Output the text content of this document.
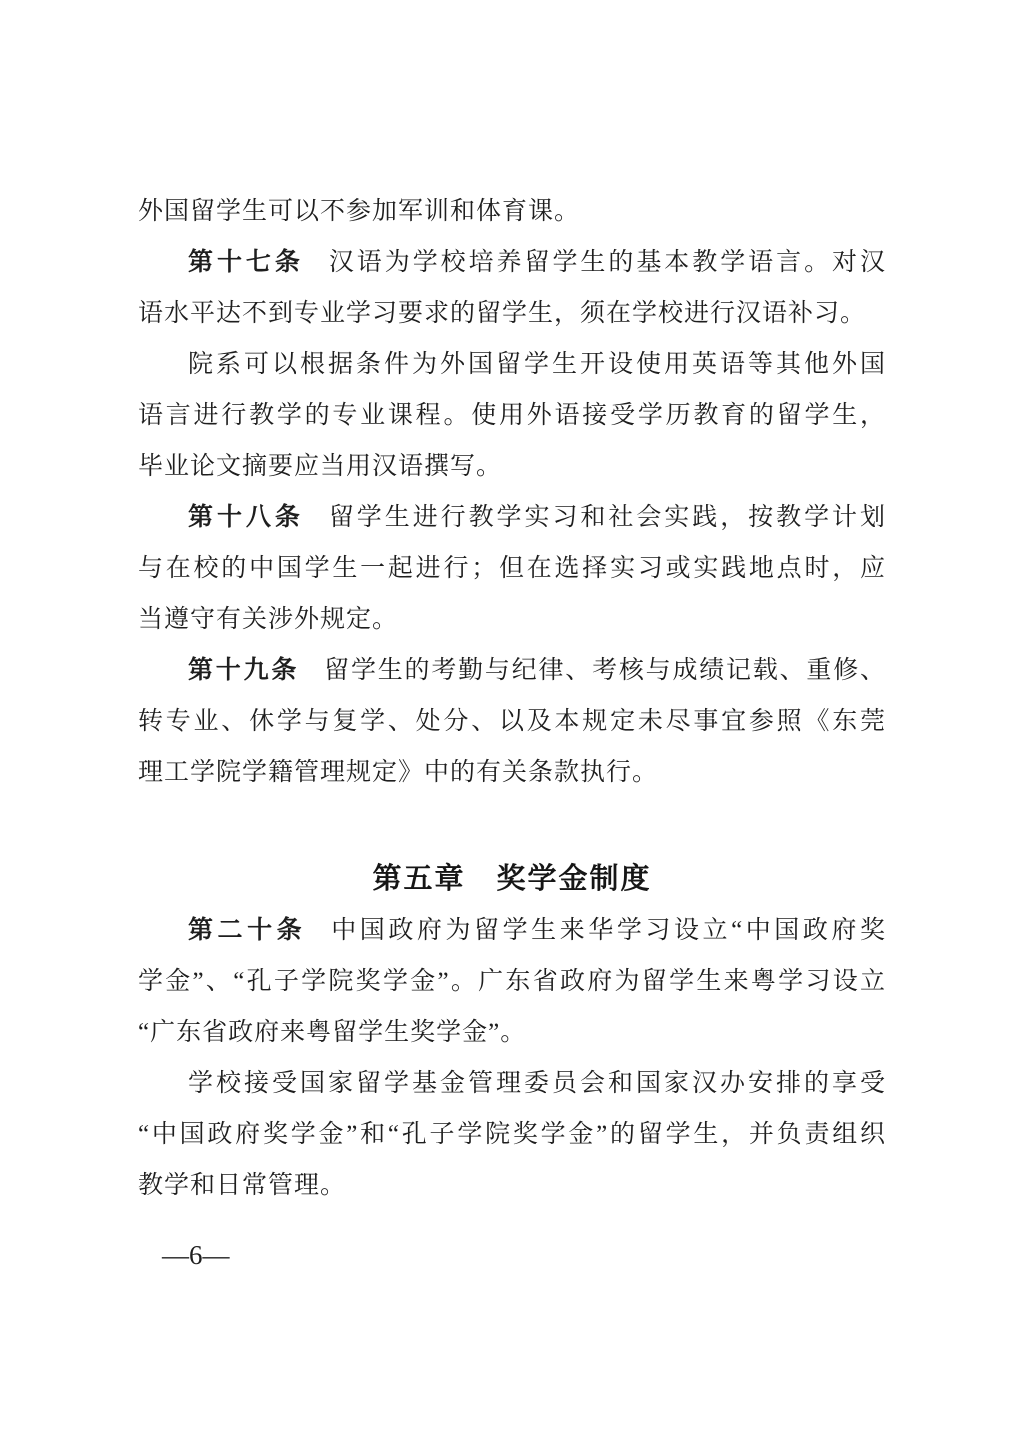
外国留学生可以不参加军训和体育课。
第十七条 汉语为学校培养留学生的基本教学语言。对汉
语水平达不到专业学习要求的留学生，须在学校进行汉语补习。
院系可以根据条件为外国留学生开设使用英语等其他外国
语言进行教学的专业课程。使用外语接受学历教育的留学生，
毕业论文摘要应当用汉语撰写。
第十八条 留学生进行教学实习和社会实践，按教学计划
与在校的中国学生一起进行；但在选择实习或实践地点时，应
当遵守有关涉外规定。
第十九条 留学生的考勤与纪律、考核与成绩记载、重修、
转专业、休学与复学、处分、以及本规定未尽事宜参照《东莞
理工学院学籍管理规定》中的有关条款执行。
第五章　奖学金制度
第二十条 中国政府为留学生来华学习设立“中国政府奖
学金”、“孔子学院奖学金”。广东省政府为留学生来粤学习设立
“广东省政府来粤留学生奖学金”。
学校接受国家留学基金管理委员会和国家汉办安排的享受
“中国政府奖学金”和“孔子学院奖学金”的留学生，并负责组织
教学和日常管理。
—6—
